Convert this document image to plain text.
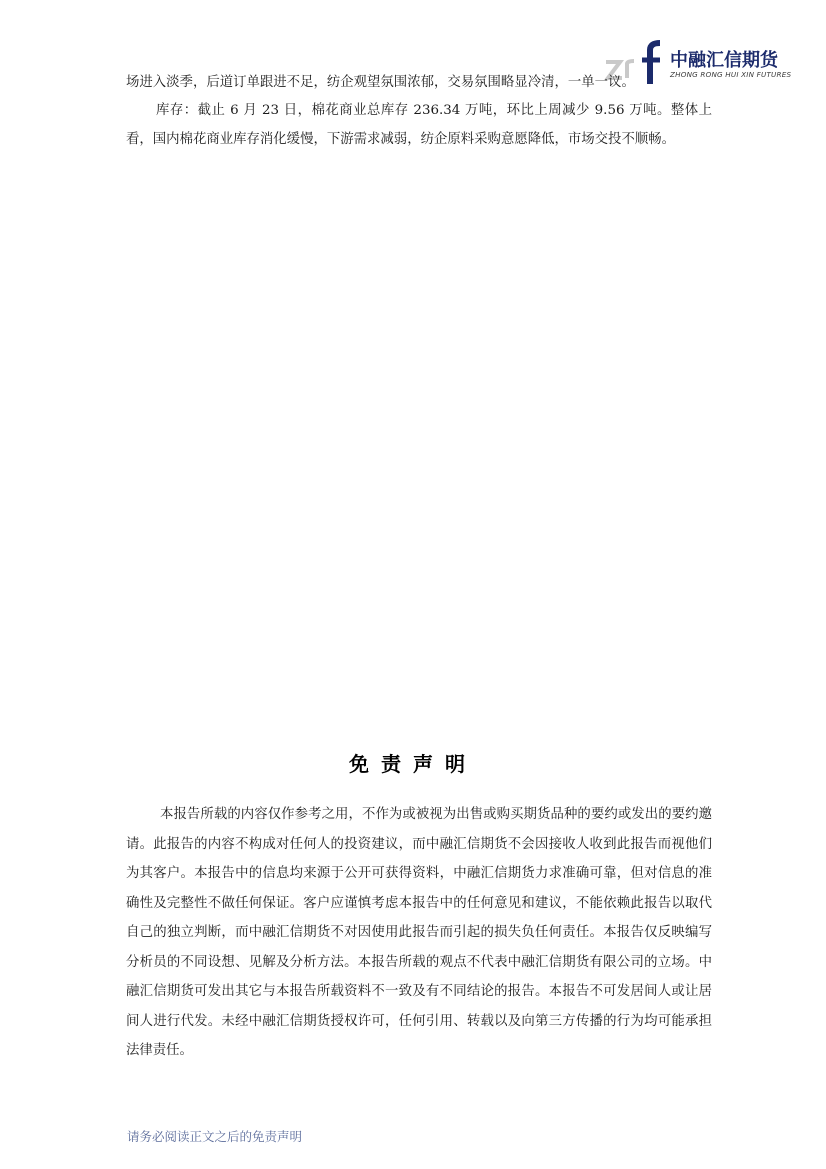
中融汇信期货
ZHONG RONG HUI XIN FUTURES
场进入淡季，后道订单跟进不足，纺企观望氛围浓郁，交易氛围略显冷清，一单一议。
库存：截止 6 月 23 日，棉花商业总库存 236.34 万吨，环比上周减少 9.56 万吨。整体上看，国内棉花商业库存消化缓慢，下游需求减弱，纺企原料采购意愿降低，市场交投不顺畅。
免责声明
本报告所载的内容仅作参考之用，不作为或被视为出售或购买期货品种的要约或发出的要约邀请。此报告的内容不构成对任何人的投资建议，而中融汇信期货不会因接收人收到此报告而视他们为其客户。本报告中的信息均来源于公开可获得资料，中融汇信期货力求准确可靠，但对信息的准确性及完整性不做任何保证。客户应谨慎考虑本报告中的任何意见和建议，不能依赖此报告以取代自己的独立判断，而中融汇信期货不对因使用此报告而引起的损失负任何责任。本报告仅反映编写分析员的不同设想、见解及分析方法。本报告所载的观点不代表中融汇信期货有限公司的立场。中融汇信期货可发出其它与本报告所载资料不一致及有不同结论的报告。本报告不可发居间人或让居间人进行代发。未经中融汇信期货授权许可，任何引用、转载以及向第三方传播的行为均可能承担法律责任。
请务必阅读正文之后的免责声明
